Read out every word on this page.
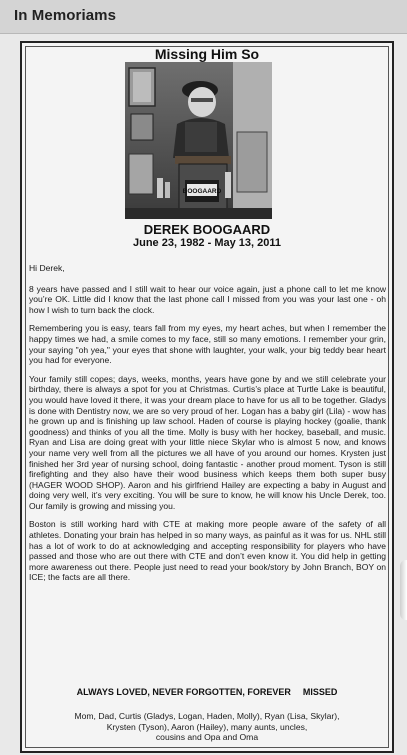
In Memoriams
Missing Him So
BOOGAARD
DEREK BOOGAARD
June 23, 1982 - May 13, 2011

Hi Derek,

8 years have passed and I still wait to hear our voice again, just a phone call to let me know you’re OK. Little did I know that the last phone call I missed from you was your last one - oh how I wish to turn back the clock.

Remembering you is easy, tears fall from my eyes, my heart aches, but when I remember the happy times we had, a smile comes to my face, still so many emotions. I remember your grin, your saying "oh yea," your eyes that shone with laughter, your walk, your big teddy bear heart you had for everyone.

Your family still copes; days, weeks, months, years have gone by and we still celebrate your birthday, there is always a spot for you at Christmas. Curtis’s place at Turtle Lake is beautiful, you would have loved it there, it was your dream place to have for us all to be together. Gladys is done with Dentistry now, we are so very proud of her. Logan has a baby girl (Lila) - wow has he grown up and is finishing up law school. Haden of course is playing hockey (goalie, thank goodness) and thinks of you all the time. Molly is busy with her hockey, baseball, and music. Ryan and Lisa are doing great with your little niece Skylar who is almost 5 now, and knows your name very well from all the pictures we all have of you around our homes. Krysten just finished her 3rd year of nursing school, doing fantastic - another proud moment. Tyson is still firefighting and they also have their wood business which keeps them both super busy (HAGER WOOD SHOP). Aaron and his girlfriend Hailey are expecting a baby in August and doing very well, it’s very exciting. You will be sure to know, he will know his Uncle Derek, too. Our family is growing and missing you.

Boston is still working hard with CTE at making more people aware of the safety of all athletes. Donating your brain has helped in so many ways, as painful as it was for us. NHL still has a lot of work to do at acknowledging and accepting responsibility for players who have passed and those who are out there with CTE and don’t even know it. You did help in getting more awareness out there. People just need to read your book/story by John Branch, BOY on ICE; the facts are all there.

ALWAYS LOVED, NEVER FORGOTTEN, FOREVER MISSED
Mom, Dad, Curtis (Gladys, Logan, Haden, Molly), Ryan (Lisa, Skylar),
Krysten (Tyson), Aaron (Hailey), many aunts, uncles,
cousins and Opa and Oma
